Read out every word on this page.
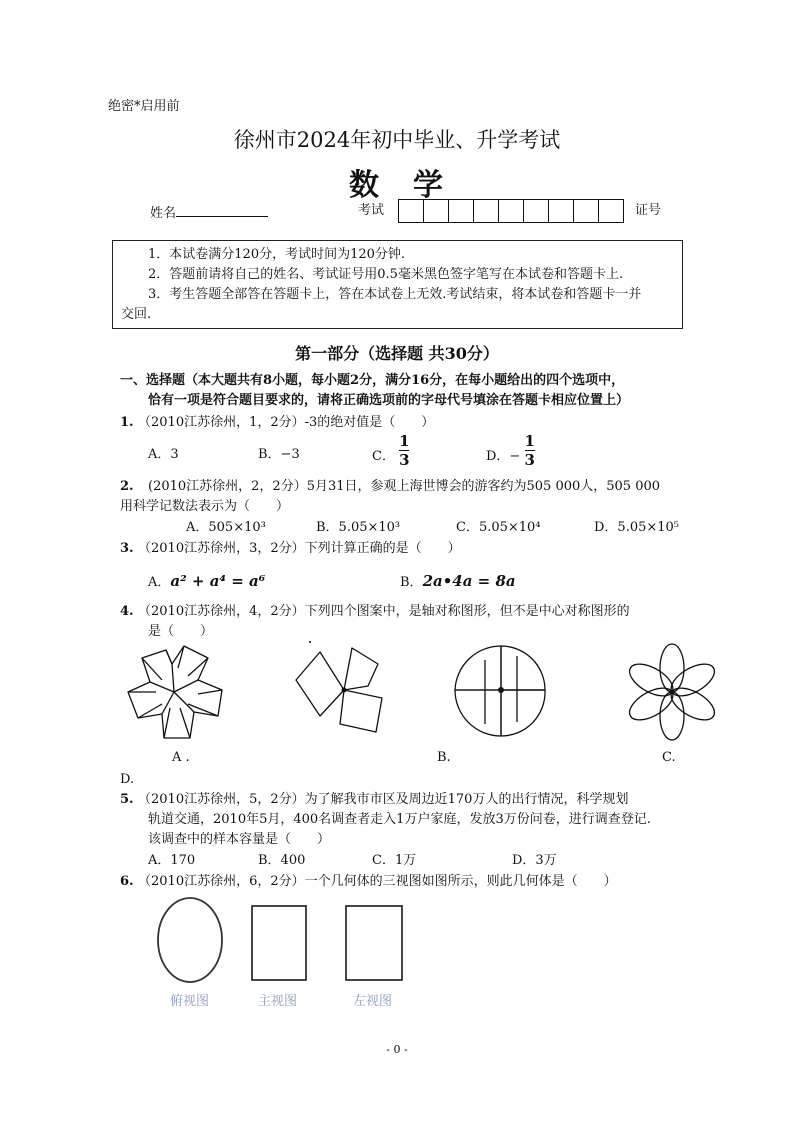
绝密*启用前
徐州市2024年初中毕业、升学考试
数　学
姓名	考试	证号
1．本试卷满分120分，考试时间为120分钟.
2．答题前请将自己的姓名、考试证号用0.5毫米黑色签字笔写在本试卷和答题卡上.
3．考生答题全部答在答题卡上，答在本试卷上无效.考试结束，将本试卷和答题卡一并
交回.
第一部分（选择题 共30分）
一、选择题（本大题共有8小题，每小题2分，满分16分，在每小题给出的四个选项中，
恰有一项是符合题目要求的，请将正确选项前的字母代号填涂在答题卡相应位置上）
1. （2010江苏徐州，1，2分）-3的绝对值是（　　）
A．3	B．−3	C． $\frac{1}{3}$	D．− $\frac{1}{3}$
2. (2010江苏徐州，2，2分）5月31日，参观上海世博会的游客约为505 000人，505 000
用科学记数法表示为（　　）
A．505×10³	B．5.05×10³	C．5.05×10⁴	D．5.05×10⁵
3. （2010江苏徐州，3，2分）下列计算正确的是（　　）
A．a² + a⁴ = a⁶	B．2a•4a = 8a
4. （2010江苏徐州，4，2分）下列四个图案中，是轴对称图形，但不是中心对称图形的
是（　　）
A .	B.	C.
D.
5. （2010江苏徐州，5，2分）为了解我市市区及周边近170万人的出行情况，科学规划
轨道交通，2010年5月，400名调查者走入1万户家庭，发放3万份问卷，进行调查登记.
该调查中的样本容量是（　　）
A．170	B．400	C．1万	D．3万
6. （2010江苏徐州，6，2分）一个几何体的三视图如图所示，则此几何体是（　　）
俯视图	主视图	左视图
- 0 -
